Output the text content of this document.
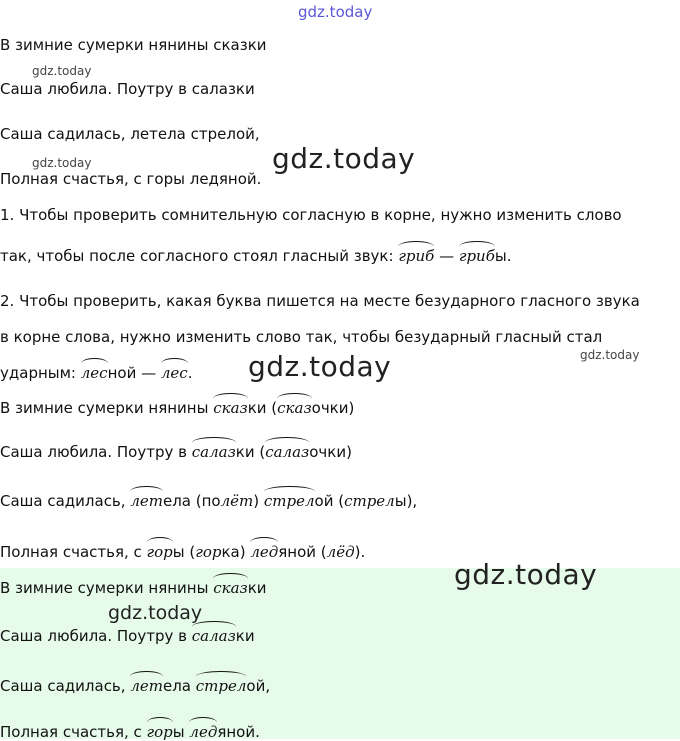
gdz.today
gdz.today
gdz.today	gdz.today
gdz.today
gdz.today
gdz.today
gdz.today
В зимние сумерки нянины сказки
Саша любила. Поутру в салазки
Саша садилась, летела стрелой,
Полная счастья, с горы ледяной.
1. Чтобы проверить сомнительную согласную в корне, нужно изменить слово
так, чтобы после согласного стоял гласный звук: гриб — грибы.
2. Чтобы проверить, какая буква пишется на месте безударного гласного звука
в корне слова, нужно изменить слово так, чтобы безударный гласный стал
ударным: лесной — лес.
В зимние сумерки нянины сказки (сказочки)
Саша любила. Поутру в салазки (салазочки)
Саша садилась, летела (полёт) стрелой (стрелы),
Полная счастья, с горы (горка) ледяной (лёд).
В зимние сумерки нянины сказки
Саша любила. Поутру в салазки
Саша садилась, летела стрелой,
Полная счастья, с горы ледяной.
